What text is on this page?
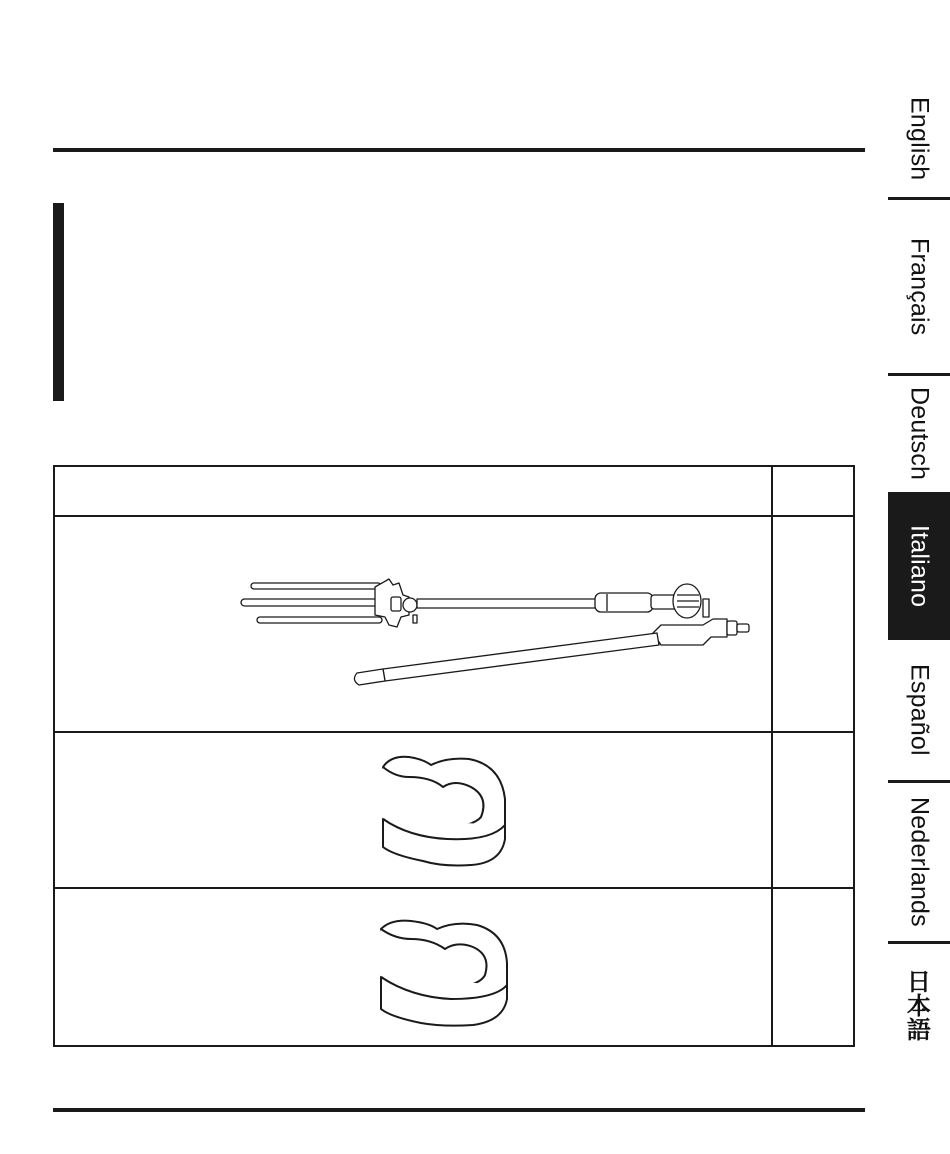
English
Français
Deutsch
Italiano
Español
Nederlands
日
本
語
